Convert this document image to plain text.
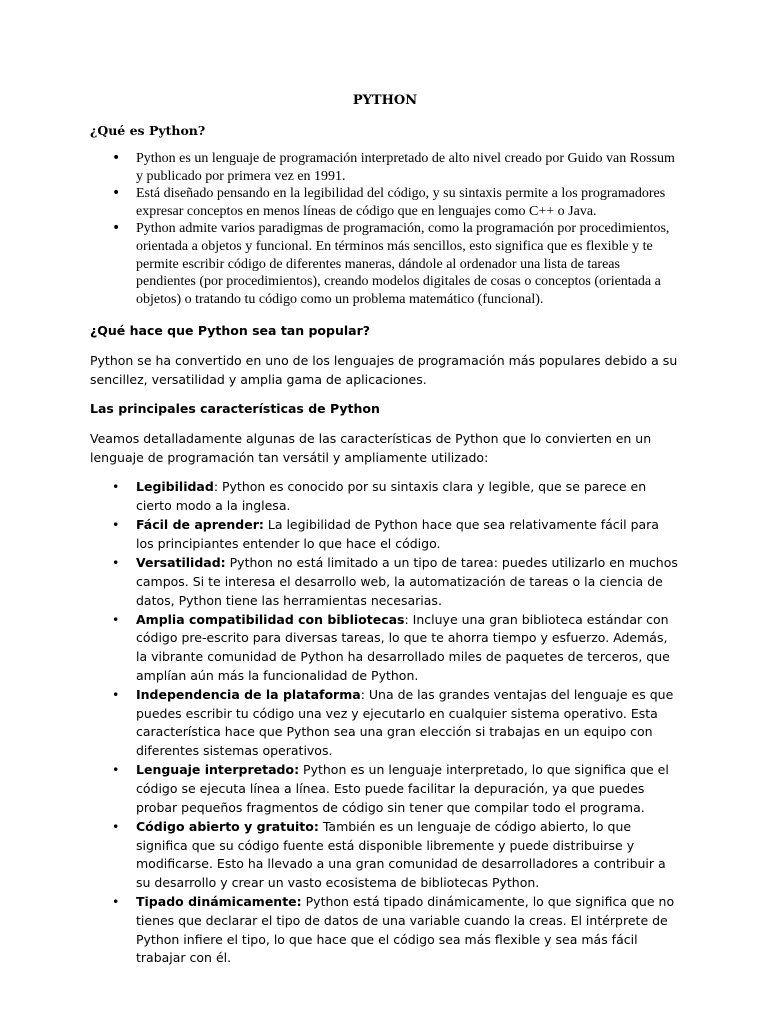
PYTHON
¿Qué es Python?
• Python es un lenguaje de programación interpretado de alto nivel creado por Guido van Rossum y publicado por primera vez en 1991.
• Está diseñado pensando en la legibilidad del código, y su sintaxis permite a los programadores expresar conceptos en menos líneas de código que en lenguajes como C++ o Java.
• Python admite varios paradigmas de programación, como la programación por procedimientos, orientada a objetos y funcional. En términos más sencillos, esto significa que es flexible y te permite escribir código de diferentes maneras, dándole al ordenador una lista de tareas pendientes (por procedimientos), creando modelos digitales de cosas o conceptos (orientada a objetos) o tratando tu código como un problema matemático (funcional).
¿Qué hace que Python sea tan popular?

Python se ha convertido en uno de los lenguajes de programación más populares debido a su sencillez, versatilidad y amplia gama de aplicaciones.

Las principales características de Python

Veamos detalladamente algunas de las características de Python que lo convierten en un lenguaje de programación tan versátil y ampliamente utilizado:

• Legibilidad: Python es conocido por su sintaxis clara y legible, que se parece en cierto modo a la inglesa.
• Fácil de aprender: La legibilidad de Python hace que sea relativamente fácil para los principiantes entender lo que hace el código.
• Versatilidad: Python no está limitado a un tipo de tarea: puedes utilizarlo en muchos campos. Si te interesa el desarrollo web, la automatización de tareas o la ciencia de datos, Python tiene las herramientas necesarias.
• Amplia compatibilidad con bibliotecas: Incluye una gran biblioteca estándar con código pre-escrito para diversas tareas, lo que te ahorra tiempo y esfuerzo. Además, la vibrante comunidad de Python ha desarrollado miles de paquetes de terceros, que amplían aún más la funcionalidad de Python.
• Independencia de la plataforma: Una de las grandes ventajas del lenguaje es que puedes escribir tu código una vez y ejecutarlo en cualquier sistema operativo. Esta característica hace que Python sea una gran elección si trabajas en un equipo con diferentes sistemas operativos.
• Lenguaje interpretado: Python es un lenguaje interpretado, lo que significa que el código se ejecuta línea a línea. Esto puede facilitar la depuración, ya que puedes probar pequeños fragmentos de código sin tener que compilar todo el programa.
• Código abierto y gratuito: También es un lenguaje de código abierto, lo que significa que su código fuente está disponible libremente y puede distribuirse y modificarse. Esto ha llevado a una gran comunidad de desarrolladores a contribuir a su desarrollo y crear un vasto ecosistema de bibliotecas Python.
• Tipado dinámicamente: Python está tipado dinámicamente, lo que significa que no tienes que declarar el tipo de datos de una variable cuando la creas. El intérprete de Python infiere el tipo, lo que hace que el código sea más flexible y sea más fácil trabajar con él.
